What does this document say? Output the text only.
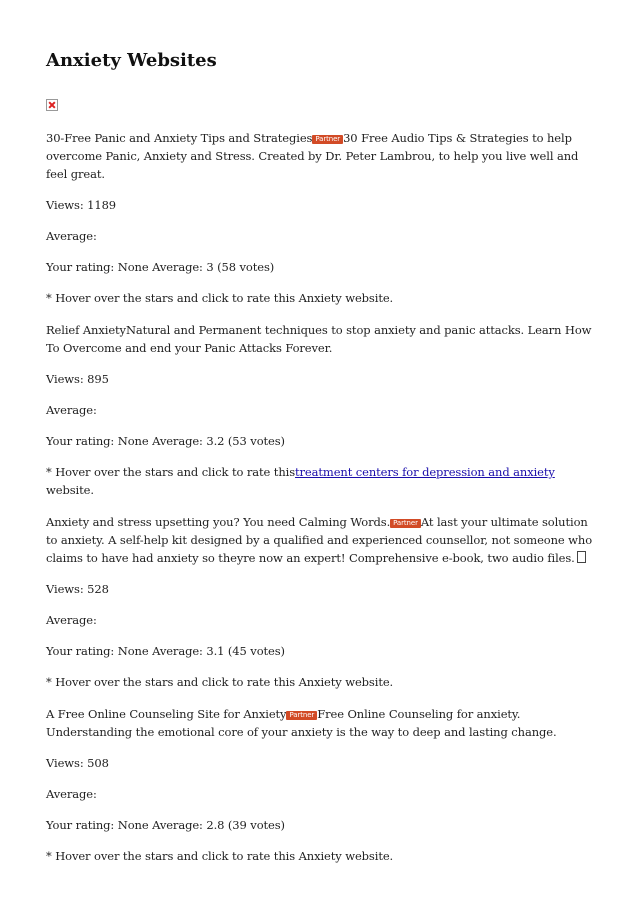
Anxiety Websites

30-Free Panic and Anxiety Tips and Strategies Partner 30 Free Audio Tips & Strategies to help overcome Panic, Anxiety and Stress. Created by Dr. Peter Lambrou, to help you live well and feel great.

Views: 1189

Average:

Your rating: None Average: 3 (58 votes)

* Hover over the stars and click to rate this Anxiety website.

Relief AnxietyNatural and Permanent techniques to stop anxiety and panic attacks. Learn How To Overcome and end your Panic Attacks Forever.

Views: 895

Average:

Your rating: None Average: 3.2 (53 votes)

* Hover over the stars and click to rate thistreatment centers for depression and anxiety website.

Anxiety and stress upsetting you? You need Calming Words. Partner At last your ultimate solution to anxiety. A self-help kit designed by a qualified and experienced counsellor, not someone who claims to have had anxiety so theyre now an expert! Comprehensive e-book, two audio files.

Views: 528

Average:

Your rating: None Average: 3.1 (45 votes)

* Hover over the stars and click to rate this Anxiety website.

A Free Online Counseling Site for Anxiety Partner Free Online Counseling for anxiety. Understanding the emotional core of your anxiety is the way to deep and lasting change.

Views: 508

Average:

Your rating: None Average: 2.8 (39 votes)

* Hover over the stars and click to rate this Anxiety website.
